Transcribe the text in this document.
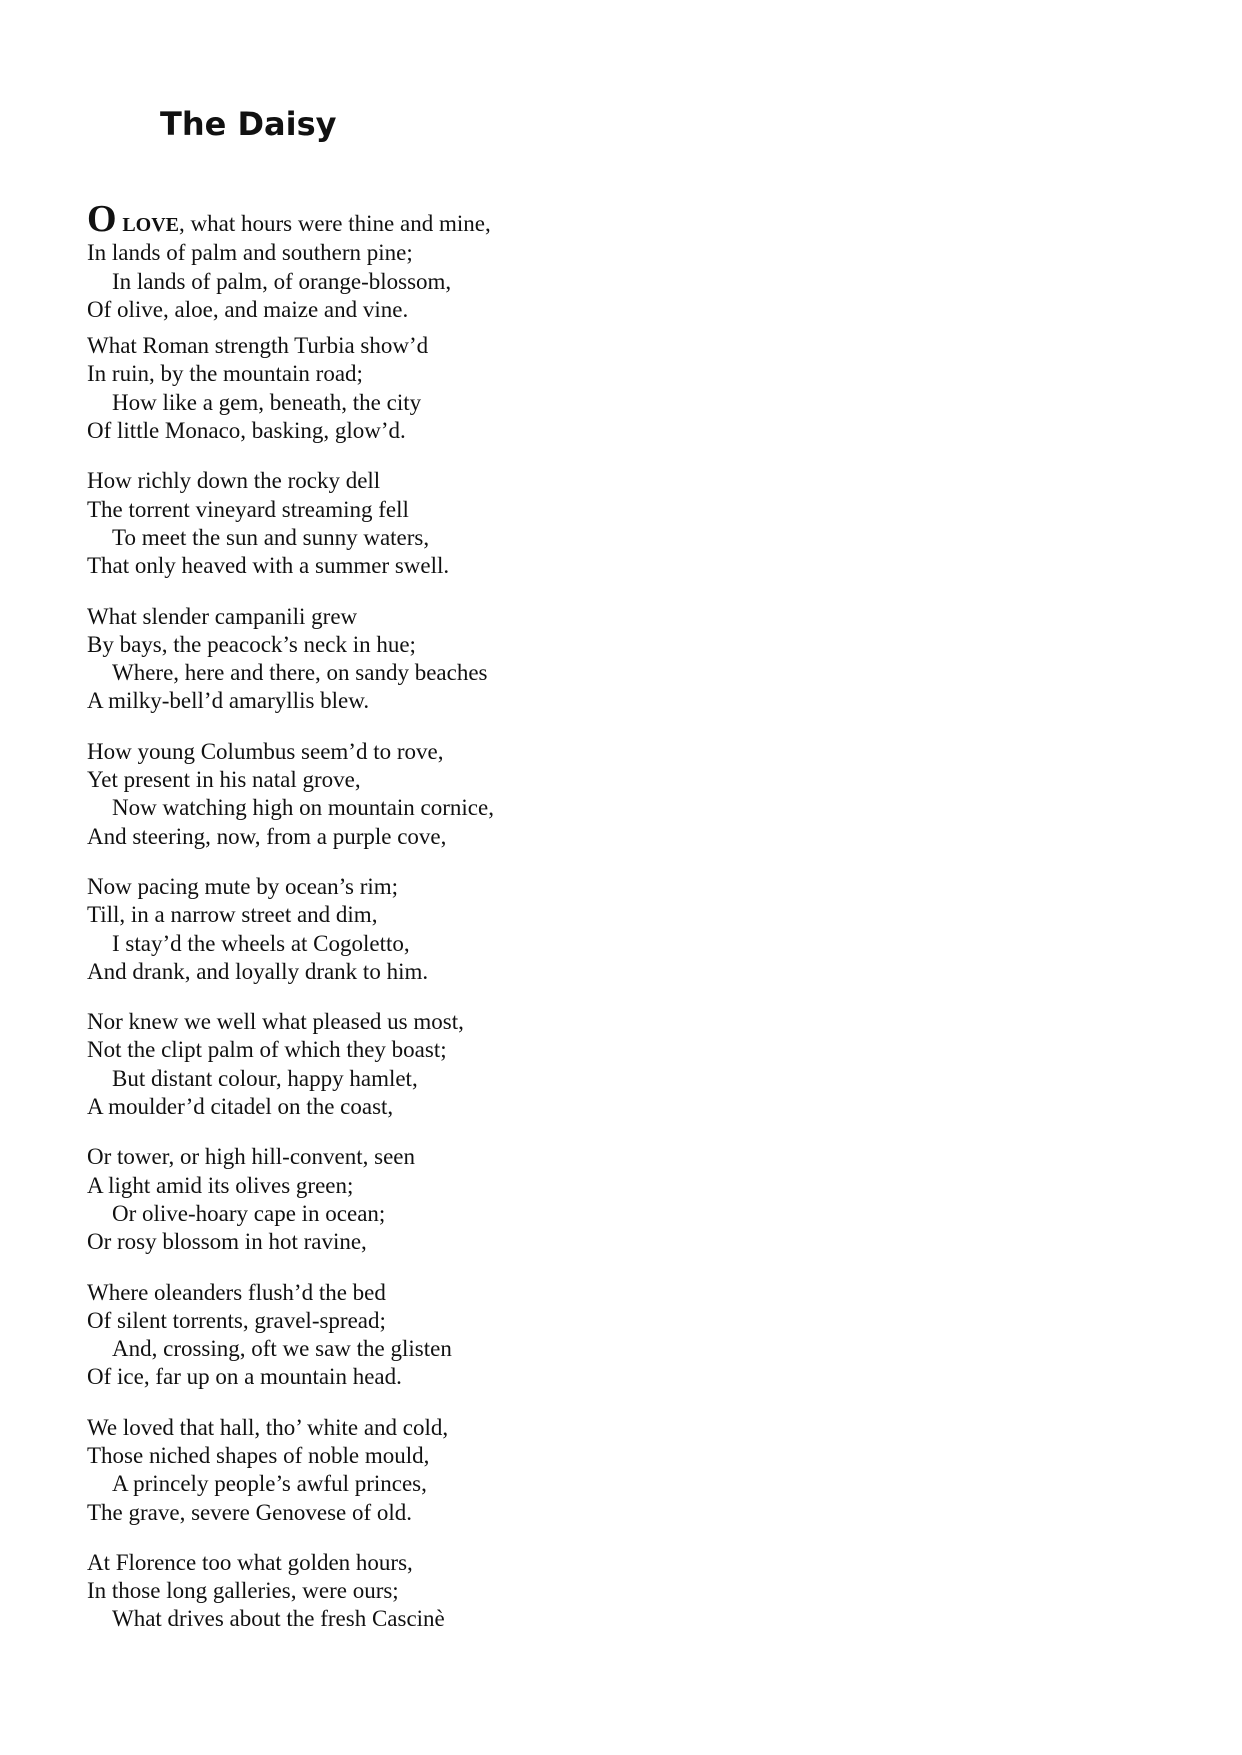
The Daisy
O LOVE, what hours were thine and mine,
In lands of palm and southern pine;
In lands of palm, of orange-blossom,
Of olive, aloe, and maize and vine.
What Roman strength Turbia show’d
In ruin, by the mountain road;
How like a gem, beneath, the city
Of little Monaco, basking, glow’d.
How richly down the rocky dell
The torrent vineyard streaming fell
To meet the sun and sunny waters,
That only heaved with a summer swell.
What slender campanili grew
By bays, the peacock’s neck in hue;
Where, here and there, on sandy beaches
A milky-bell’d amaryllis blew.
How young Columbus seem’d to rove,
Yet present in his natal grove,
Now watching high on mountain cornice,
And steering, now, from a purple cove,
Now pacing mute by ocean’s rim;
Till, in a narrow street and dim,
I stay’d the wheels at Cogoletto,
And drank, and loyally drank to him.
Nor knew we well what pleased us most,
Not the clipt palm of which they boast;
But distant colour, happy hamlet,
A moulder’d citadel on the coast,
Or tower, or high hill-convent, seen
A light amid its olives green;
Or olive-hoary cape in ocean;
Or rosy blossom in hot ravine,
Where oleanders flush’d the bed
Of silent torrents, gravel-spread;
And, crossing, oft we saw the glisten
Of ice, far up on a mountain head.
We loved that hall, tho’ white and cold,
Those niched shapes of noble mould,
A princely people’s awful princes,
The grave, severe Genovese of old.
At Florence too what golden hours,
In those long galleries, were ours;
What drives about the fresh Cascinè
